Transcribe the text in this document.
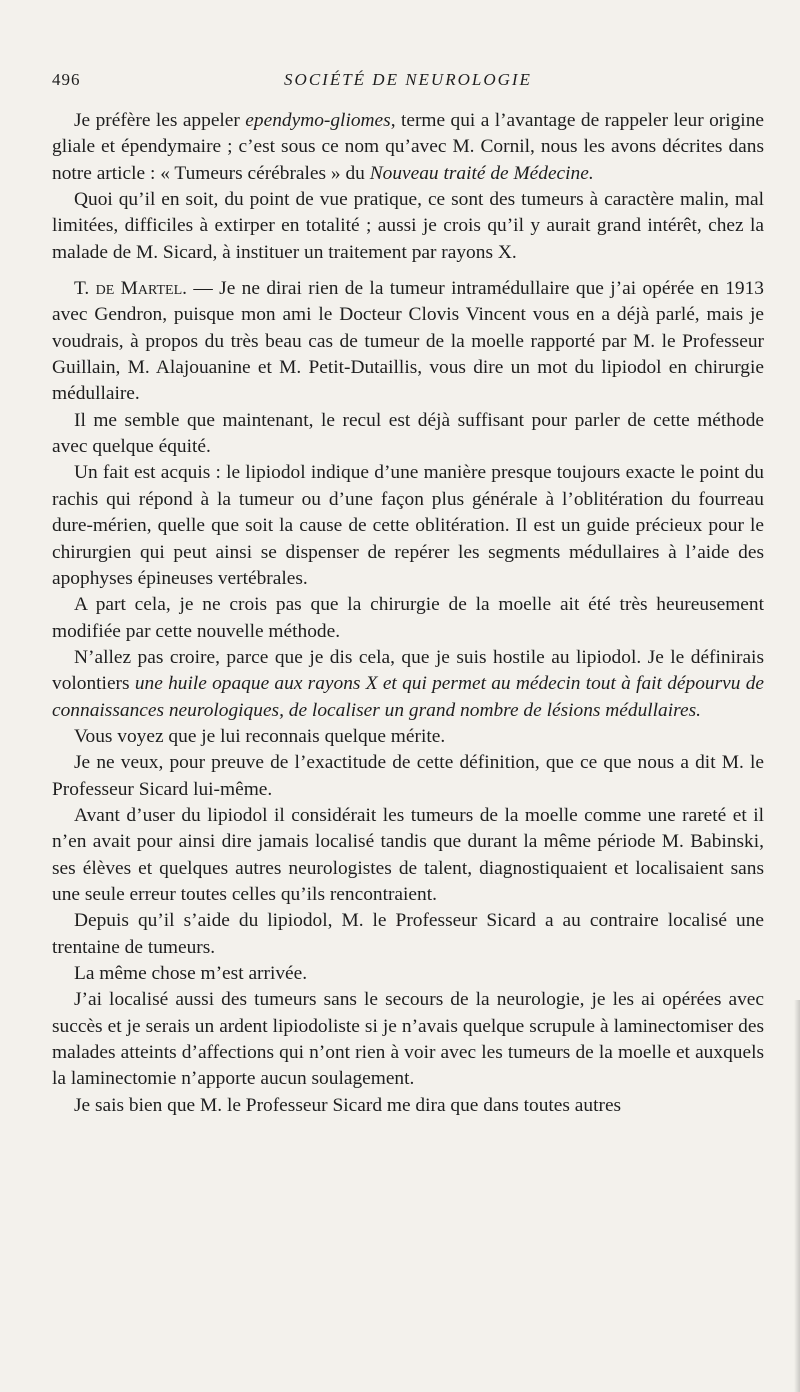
496	SOCIÉTÉ DE NEUROLOGIE

Je préfère les appeler ependymo-gliomes, terme qui a l’avantage de rappeler leur origine gliale et épendymaire ; c’est sous ce nom qu’avec M. Cornil, nous les avons décrites dans notre article : « Tumeurs cérébrales » du Nouveau traité de Médecine.

Quoi qu’il en soit, du point de vue pratique, ce sont des tumeurs à caractère malin, mal limitées, difficiles à extirper en totalité ; aussi je crois qu’il y aurait grand intérêt, chez la malade de M. Sicard, à instituer un traitement par rayons X.

T. de Martel. — Je ne dirai rien de la tumeur intramédullaire que j’ai opérée en 1913 avec Gendron, puisque mon ami le Docteur Clovis Vincent vous en a déjà parlé, mais je voudrais, à propos du très beau cas de tumeur de la moelle rapporté par M. le Professeur Guillain, M. Alajouanine et M. Petit-Dutaillis, vous dire un mot du lipiodol en chirurgie médullaire.

Il me semble que maintenant, le recul est déjà suffisant pour parler de cette méthode avec quelque équité.

Un fait est acquis : le lipiodol indique d’une manière presque toujours exacte le point du rachis qui répond à la tumeur ou d’une façon plus générale à l’oblitération du fourreau dure-mérien, quelle que soit la cause de cette oblitération. Il est un guide précieux pour le chirurgien qui peut ainsi se dispenser de repérer les segments médullaires à l’aide des apophyses épineuses vertébrales.

A part cela, je ne crois pas que la chirurgie de la moelle ait été très heureusement modifiée par cette nouvelle méthode.

N’allez pas croire, parce que je dis cela, que je suis hostile au lipiodol. Je le définirais volontiers une huile opaque aux rayons X et qui permet au médecin tout à fait dépourvu de connaissances neurologiques, de localiser un grand nombre de lésions médullaires.

Vous voyez que je lui reconnais quelque mérite.

Je ne veux, pour preuve de l’exactitude de cette définition, que ce que nous a dit M. le Professeur Sicard lui-même.

Avant d’user du lipiodol il considérait les tumeurs de la moelle comme une rareté et il n’en avait pour ainsi dire jamais localisé tandis que durant la même période M. Babinski, ses élèves et quelques autres neurologistes de talent, diagnostiquaient et localisaient sans une seule erreur toutes celles qu’ils rencontraient.

Depuis qu’il s’aide du lipiodol, M. le Professeur Sicard a au contraire localisé une trentaine de tumeurs.

La même chose m’est arrivée.

J’ai localisé aussi des tumeurs sans le secours de la neurologie, je les ai opérées avec succès et je serais un ardent lipiodoliste si je n’avais quelque scrupule à laminectomiser des malades atteints d’affections qui n’ont rien à voir avec les tumeurs de la moelle et auxquels la laminectomie n’apporte aucun soulagement.

Je sais bien que M. le Professeur Sicard me dira que dans toutes autres
